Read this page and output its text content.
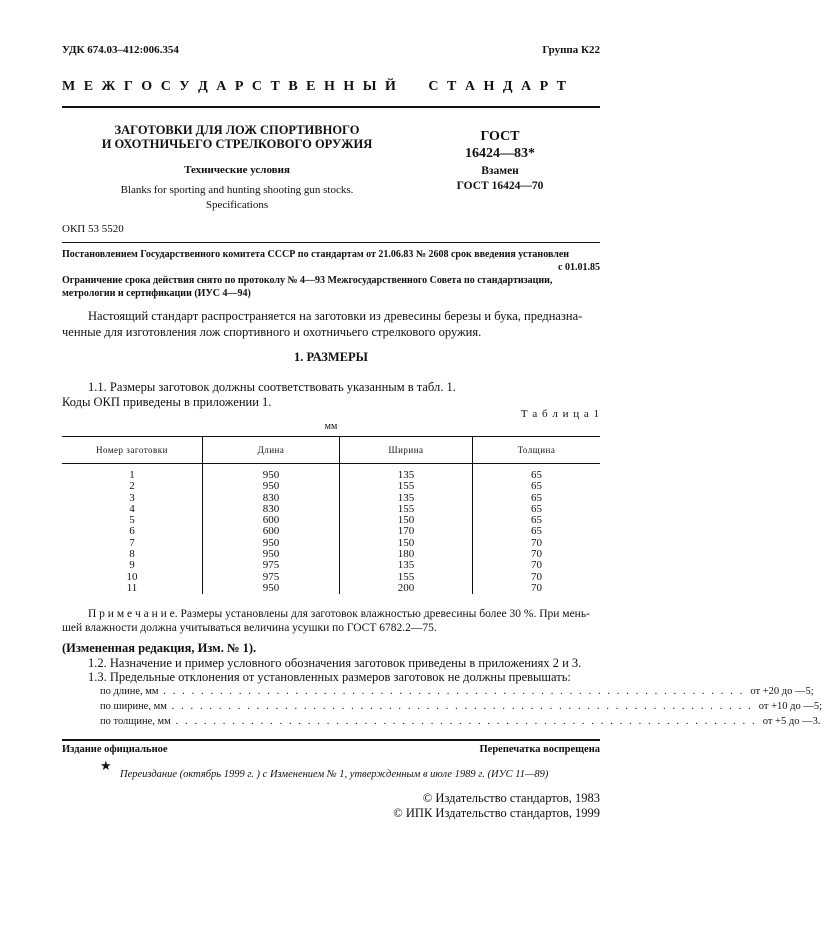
УДК 674.03–412:006.354	Группа К22
М Е Ж Г О С У Д А Р С Т В Е Н Н Ы Й     С Т А Н Д А Р Т
ЗАГОТОВКИ ДЛЯ ЛОЖ СПОРТИВНОГО
И ОХОТНИЧЬЕГО СТРЕЛКОВОГО ОРУЖИЯ
Технические условия
Blanks for sporting and hunting shooting gun stocks.
Specifications
ГОСТ
16424—83*
Взамен
ГОСТ 16424—70
ОКП 53 5520
Постановлением Государственного комитета СССР по стандартам от 21.06.83 № 2608 срок введения установлен
с 01.01.85
Ограничение срока действия снято по протоколу № 4—93 Межгосударственного Совета по стандартизации,
метрологии и сертификации (ИУС 4—94)
Настоящий стандарт распространяется на заготовки из древесины березы и бука, предназна-
ченные для изготовления лож спортивного и охотничьего стрелкового оружия.
1. РАЗМЕРЫ
1.1. Размеры заготовок должны соответствовать указанным в табл. 1.
Коды ОКП приведены в приложении 1.
Т а б л и ц а 1
мм
Номер заготовки	Длина	Ширина	Толщина
1	950	135	65
2	950	155	65
3	830	135	65
4	830	155	65
5	600	150	65
6	600	170	65
7	950	150	70
8	950	180	70
9	975	135	70
10	975	155	70
11	950	200	70
П р и м е ч а н и е. Размеры установлены для заготовок влажностью древесины более 30 %. При мень-
шей влажности должна учитываться величина усушки по ГОСТ 6782.2—75.
(Измененная редакция, Изм. № 1).
1.2. Назначение и пример условного обозначения заготовок приведены в приложениях 2 и 3.
1.3. Предельные отклонения от установленных размеров заготовок не должны превышать:
по длине, мм . . . . . . . . . . . . . . . . . . . . . . . . . . . . . . . . . . . . . . . . . . . . . . . . . . . . . . . . . . . . . . от +20 до —5;
по ширине, мм . . . . . . . . . . . . . . . . . . . . . . . . . . . . . . . . . . . . . . . . . . . . . . . . . . . . . . . . . . . . . . от +10 до —5;
по толщине, мм . . . . . . . . . . . . . . . . . . . . . . . . . . . . . . . . . . . . . . . . . . . . . . . . . . . . . . . . . . . . . . от +5 до —3.
Издание официальное	Перепечатка воспрещена
★
Переиздание (октябрь 1999 г. ) с Изменением № 1, утвержденным в июле 1989 г. (ИУС 11—89)
© Издательство стандартов, 1983
© ИПК Издательство стандартов, 1999
